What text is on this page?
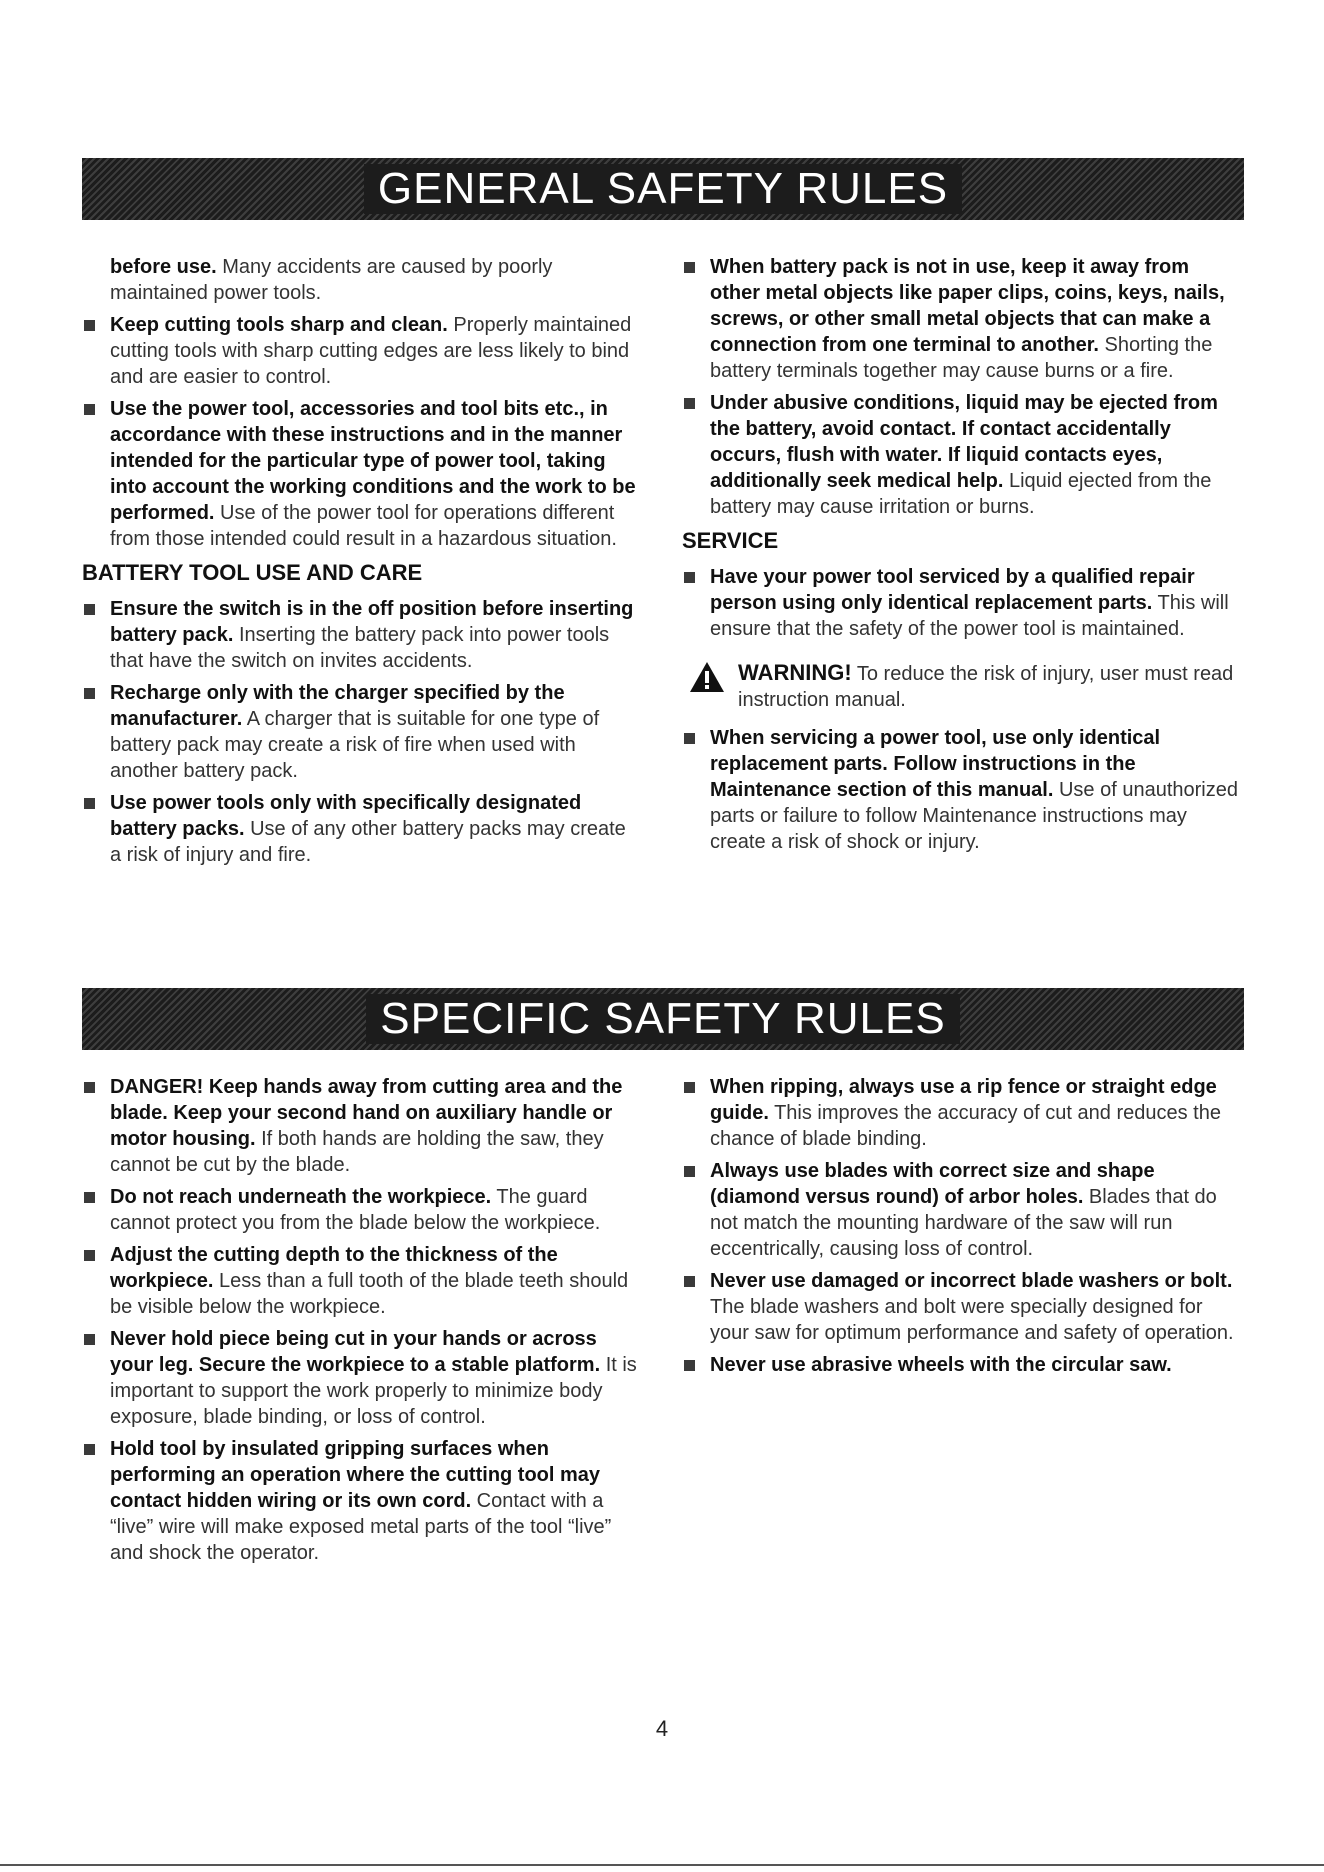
GENERAL SAFETY RULES
before use. Many accidents are caused by poorly maintained power tools.
Keep cutting tools sharp and clean. Properly maintained cutting tools with sharp cutting edges are less likely to bind and are easier to control.
Use the power tool, accessories and tool bits etc., in accordance with these instructions and in the manner intended for the particular type of power tool, taking into account the working conditions and the work to be performed. Use of the power tool for operations different from those intended could result in a hazardous situation.
BATTERY TOOL USE AND CARE
Ensure the switch is in the off position before inserting battery pack. Inserting the battery pack into power tools that have the switch on invites accidents.
Recharge only with the charger specified by the manufacturer. A charger that is suitable for one type of battery pack may create a risk of fire when used with another battery pack.
Use power tools only with specifically designated battery packs. Use of any other battery packs may create a risk of injury and fire.
When battery pack is not in use, keep it away from other metal objects like paper clips, coins, keys, nails, screws, or other small metal objects that can make a connection from one terminal to another. Shorting the battery terminals together may cause burns or a fire.
Under abusive conditions, liquid may be ejected from the battery, avoid contact. If contact accidentally occurs, flush with water. If liquid contacts eyes, additionally seek medical help. Liquid ejected from the battery may cause irritation or burns.
SERVICE
Have your power tool serviced by a qualified repair person using only identical replacement parts. This will ensure that the safety of the power tool is maintained.
WARNING! To reduce the risk of injury, user must read instruction manual.
When servicing a power tool, use only identical replacement parts. Follow instructions in the Maintenance section of this manual. Use of unauthorized parts or failure to follow Maintenance instructions may create a risk of shock or injury.
SPECIFIC SAFETY RULES
DANGER! Keep hands away from cutting area and the blade. Keep your second hand on auxiliary handle or motor housing. If both hands are holding the saw, they cannot be cut by the blade.
Do not reach underneath the workpiece. The guard cannot protect you from the blade below the workpiece.
Adjust the cutting depth to the thickness of the workpiece. Less than a full tooth of the blade teeth should be visible below the workpiece.
Never hold piece being cut in your hands or across your leg. Secure the workpiece to a stable platform. It is important to support the work properly to minimize body exposure, blade binding, or loss of control.
Hold tool by insulated gripping surfaces when performing an operation where the cutting tool may contact hidden wiring or its own cord. Contact with a “live” wire will make exposed metal parts of the tool “live” and shock the operator.
When ripping, always use a rip fence or straight edge guide. This improves the accuracy of cut and reduces the chance of blade binding.
Always use blades with correct size and shape (diamond versus round) of arbor holes. Blades that do not match the mounting hardware of the saw will run eccentrically, causing loss of control.
Never use damaged or incorrect blade washers or bolt. The blade washers and bolt were specially designed for your saw for optimum performance and safety of operation.
Never use abrasive wheels with the circular saw.
4
